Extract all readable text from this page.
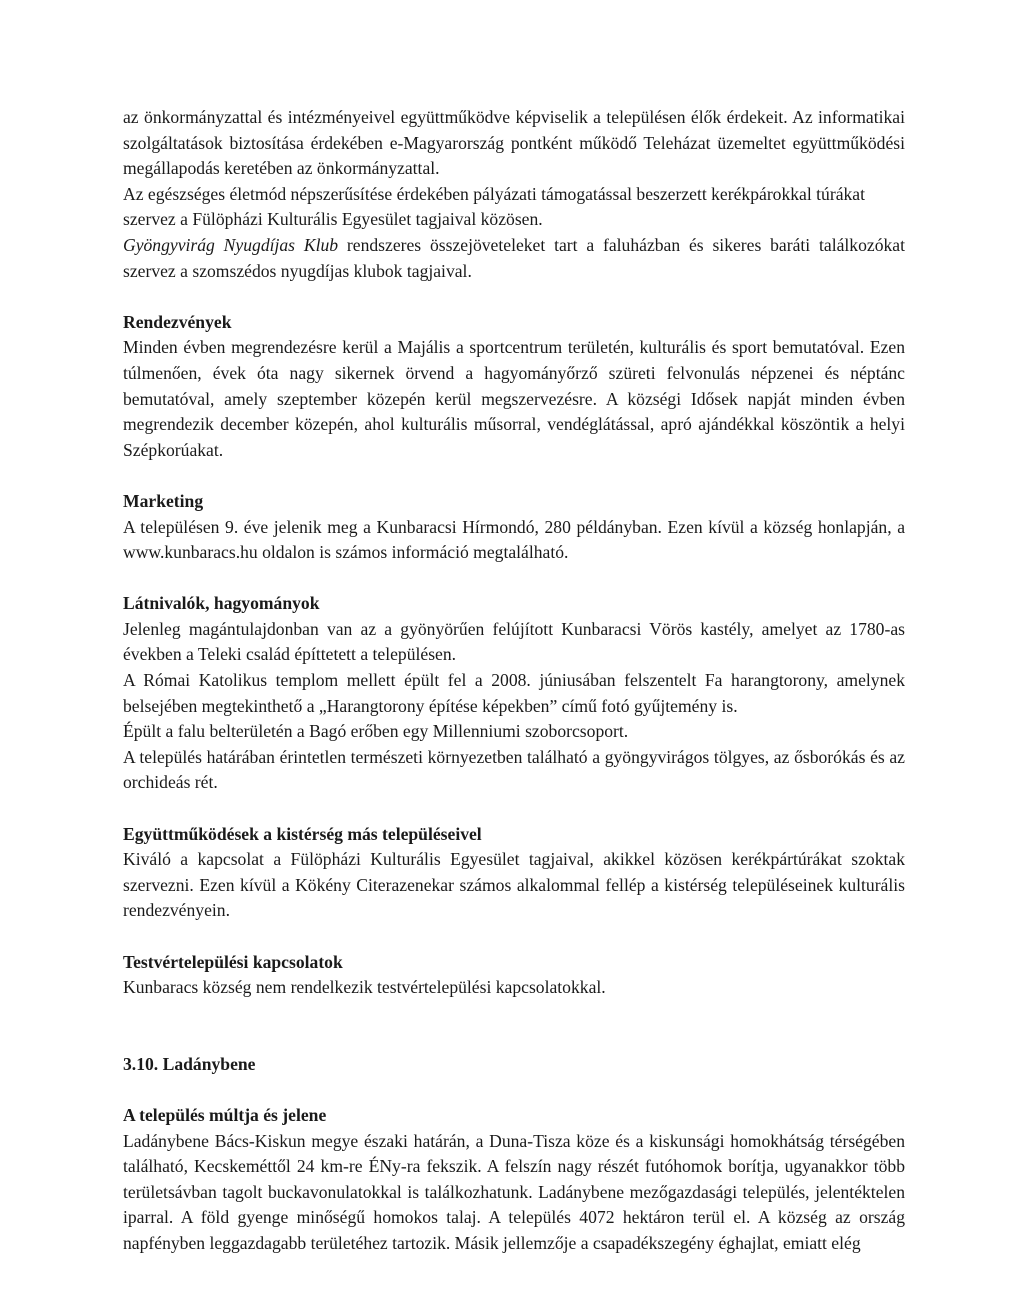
az önkormányzattal és intézményeivel együttműködve képviselik a településen élők érdekeit. Az informatikai szolgáltatások biztosítása érdekében e-Magyarország pontként működő Teleházat üzemeltet együttműködési megállapodás keretében az önkormányzattal.

Az egészséges életmód népszerűsítése érdekében pályázati támogatással beszerzett kerékpárokkal túrákat szervez a Fülöpházi Kulturális Egyesület tagjaival közösen.

Gyöngyvirág Nyugdíjas Klub rendszeres összejöveteleket tart a faluházban és sikeres baráti találkozókat szervez a szomszédos nyugdíjas klubok tagjaival.

Rendezvények

Minden évben megrendezésre kerül a Majális a sportcentrum területén, kulturális és sport bemutatóval. Ezen túlmenően, évek óta nagy sikernek örvend a hagyományőrző szüreti felvonulás népzenei és néptánc bemutatóval, amely szeptember közepén kerül megszervezésre. A községi Idősek napját minden évben megrendezik december közepén, ahol kulturális műsorral, vendéglátással, apró ajándékkal köszöntik a helyi Szépkorúakat.

Marketing

A településen 9. éve jelenik meg a Kunbaracsi Hírmondó, 280 példányban. Ezen kívül a község honlapján, a www.kunbaracs.hu oldalon is számos információ megtalálható.

Látnivalók, hagyományok

Jelenleg magántulajdonban van az a gyönyörűen felújított Kunbaracsi Vörös kastély, amelyet az 1780-as években a Teleki család építtetett a településen.

A Római Katolikus templom mellett épült fel a 2008. júniusában felszentelt Fa harangtorony, amelynek belsejében megtekinthető a „Harangtorony építése képekben” című fotó gyűjtemény is.

Épült a falu belterületén a Bagó erőben egy Millenniumi szoborcsoport.

A település határában érintetlen természeti környezetben található a gyöngyvirágos tölgyes, az ősborókás és az orchideás rét.

Együttműködések a kistérség más településeivel

Kiváló a kapcsolat a Fülöpházi Kulturális Egyesület tagjaival, akikkel közösen kerékpártúrákat szoktak szervezni. Ezen kívül a Kökény Citerazenekar számos alkalommal fellép a kistérség településeinek kulturális rendezvényein.

Testvértelepülési kapcsolatok

Kunbaracs község nem rendelkezik testvértelepülési kapcsolatokkal.

3.10. Ladánybene
A település múltja és jelene

Ladánybene Bács-Kiskun megye északi határán, a Duna-Tisza köze és a kiskunsági homokhátság térségében található, Kecskeméttől 24 km-re ÉNy-ra fekszik. A felszín nagy részét futóhomok borítja, ugyanakkor több területsávban tagolt buckavonulatokkal is találkozhatunk. Ladánybene mezőgazdasági település, jelentéktelen iparral. A föld gyenge minőségű homokos talaj. A település 4072 hektáron terül el. A község az ország napfényben leggazdagabb területéhez tartozik. Másik jellemzője a csapadékszegény éghajlat, emiatt elég
